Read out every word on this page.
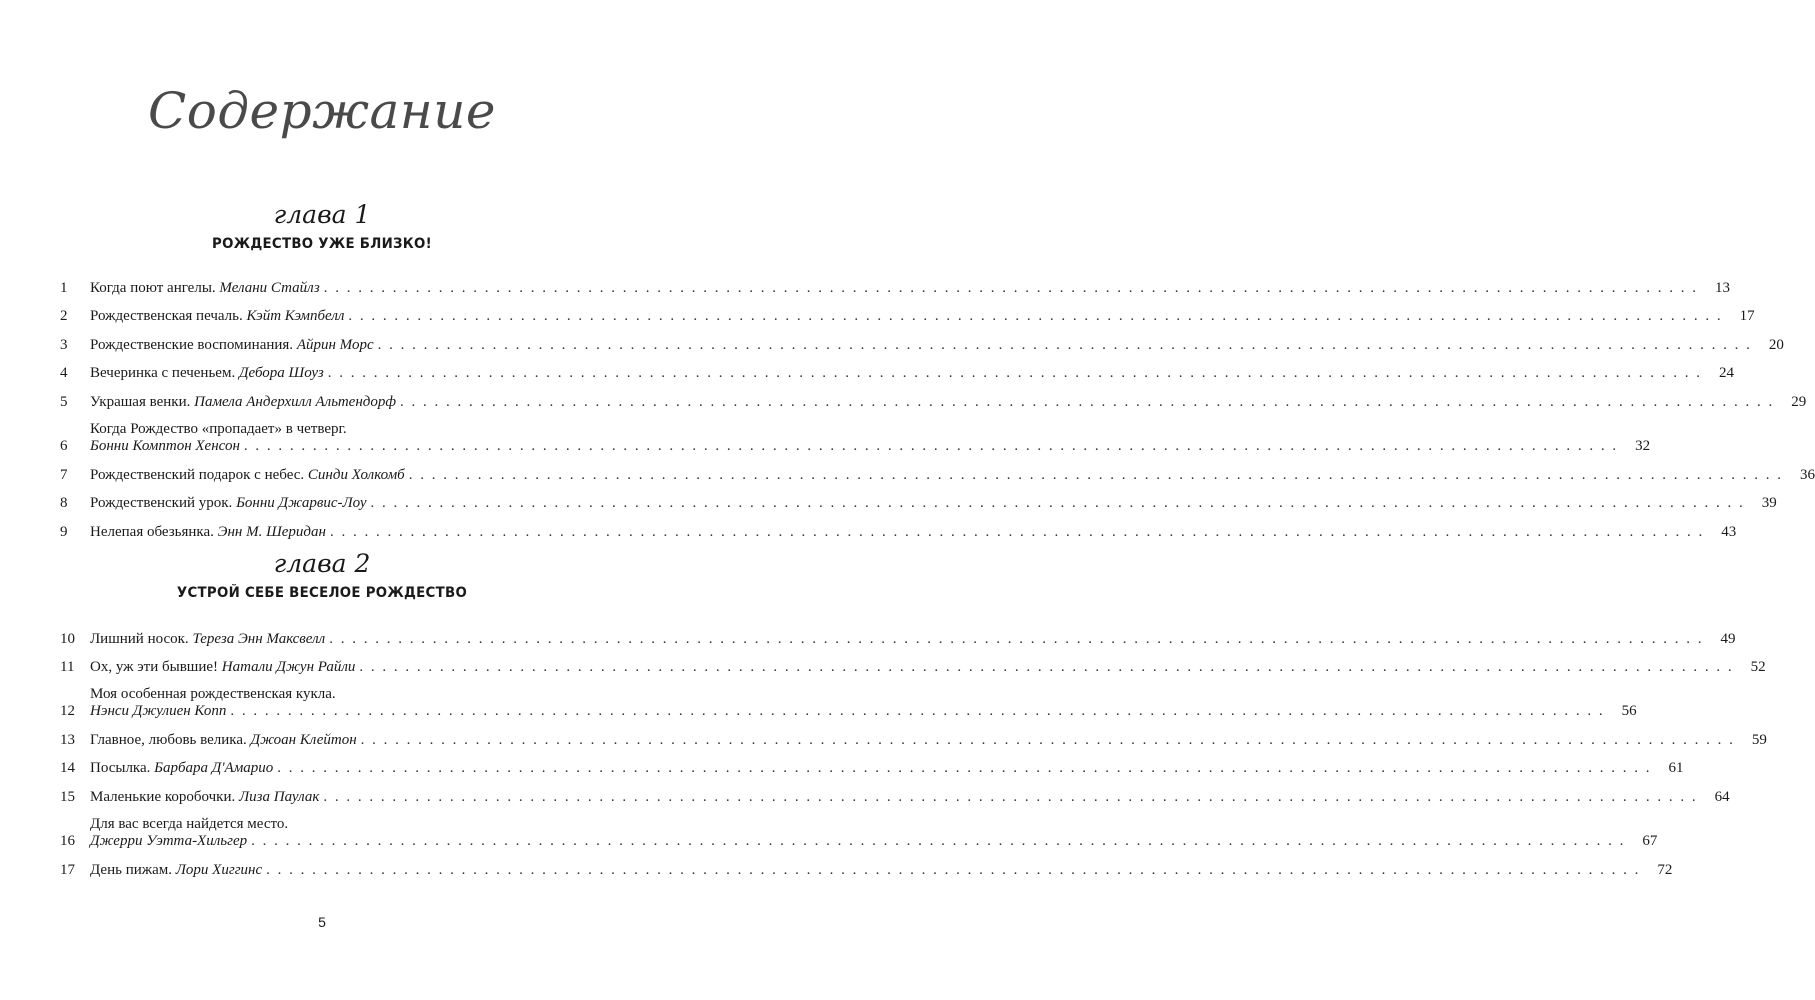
Содержание
глава 1
РОЖДЕСТВО УЖЕ БЛИЗКО!
1	Когда поют ангелы.
Мелани Стайлз . . . . . . . . . . . . . . . . . . . . . . . . . . . . . . . . . . . . . . . . . . . . . . . . . . . . . . . . . . . . . . . . . . . . . . . . . . . . . . . . . . . . . . . . . . . . . . . . . . . . . . . . . . . . . . . . . . . . . . . .	13
2	Рождественская печаль.
Кэйт Кэмпбелл . . . . . . . . . . . . . . . . . . . . . . . . . . . . . . . . . . . . . . . . . . . . . . . . . . . . . . . . . . . . . . . . . . . . . . . . . . . . . . . . . . . . . . . . . . . . . . . . . . . . . . . . . . . . . . . . . . . . . . . .	17
3	Рождественские воспоминания.
Айрин Морс . . . . . . . . . . . . . . . . . . . . . . . . . . . . . . . . . . . . . . . . . . . . . . . . . . . . . . . . . . . . . . . . . . . . . . . . . . . . . . . . . . . . . . . . . . . . . . . . . . . . . . . . . . . . . . . . . . . . . . . .	20
4	Вечеринка с печеньем.
Дебора Шоуз . . . . . . . . . . . . . . . . . . . . . . . . . . . . . . . . . . . . . . . . . . . . . . . . . . . . . . . . . . . . . . . . . . . . . . . . . . . . . . . . . . . . . . . . . . . . . . . . . . . . . . . . . . . . . . . . . . . . . . . .	24
5	Украшая венки.
Памела Андерхилл Альтендорф . . . . . . . . . . . . . . . . . . . . . . . . . . . . . . . . . . . . . . . . . . . . . . . . . . . . . . . . . . . . . . . . . . . . . . . . . . . . . . . . . . . . . . . . . . . . . . . . . . . . . . . . . . . . . . . . . . . . . . . .	29
6
Когда Рождество «пропадает» в четверг.
Бонни Комптон Хенсон . . . . . . . . . . . . . . . . . . . . . . . . . . . . . . . . . . . . . . . . . . . . . . . . . . . . . . . . . . . . . . . . . . . . . . . . . . . . . . . . . . . . . . . . . . . . . . . . . . . . . . . . . . . . . . . . . . . . . . . .	32
7	Рождественский подарок с небес.
Синди Холкомб . . . . . . . . . . . . . . . . . . . . . . . . . . . . . . . . . . . . . . . . . . . . . . . . . . . . . . . . . . . . . . . . . . . . . . . . . . . . . . . . . . . . . . . . . . . . . . . . . . . . . . . . . . . . . . . . . . . . . . . .	36
8	Рождественский урок.
Бонни Джарвис-Лоу . . . . . . . . . . . . . . . . . . . . . . . . . . . . . . . . . . . . . . . . . . . . . . . . . . . . . . . . . . . . . . . . . . . . . . . . . . . . . . . . . . . . . . . . . . . . . . . . . . . . . . . . . . . . . . . . . . . . . . . .	39
9	Нелепая обезьянка.
Энн М. Шеридан . . . . . . . . . . . . . . . . . . . . . . . . . . . . . . . . . . . . . . . . . . . . . . . . . . . . . . . . . . . . . . . . . . . . . . . . . . . . . . . . . . . . . . . . . . . . . . . . . . . . . . . . . . . . . . . . . . . . . . . .	43
глава 2
УСТРОЙ СЕБЕ ВЕСЕЛОЕ РОЖДЕСТВО
10	Лишний носок.
Тереза Энн Максвелл . . . . . . . . . . . . . . . . . . . . . . . . . . . . . . . . . . . . . . . . . . . . . . . . . . . . . . . . . . . . . . . . . . . . . . . . . . . . . . . . . . . . . . . . . . . . . . . . . . . . . . . . . . . . . . . . . . . . . . . .	49
11	Ох, уж эти бывшие!
Натали Джун Райли . . . . . . . . . . . . . . . . . . . . . . . . . . . . . . . . . . . . . . . . . . . . . . . . . . . . . . . . . . . . . . . . . . . . . . . . . . . . . . . . . . . . . . . . . . . . . . . . . . . . . . . . . . . . . . . . . . . . . . . .	52
12
Моя особенная рождественская кукла.
Нэнси Джулиен Копп . . . . . . . . . . . . . . . . . . . . . . . . . . . . . . . . . . . . . . . . . . . . . . . . . . . . . . . . . . . . . . . . . . . . . . . . . . . . . . . . . . . . . . . . . . . . . . . . . . . . . . . . . . . . . . . . . . . . . . . .	56
13	Главное, любовь велика.
Джоан Клейтон . . . . . . . . . . . . . . . . . . . . . . . . . . . . . . . . . . . . . . . . . . . . . . . . . . . . . . . . . . . . . . . . . . . . . . . . . . . . . . . . . . . . . . . . . . . . . . . . . . . . . . . . . . . . . . . . . . . . . . . .	59
14	Посылка.
Барбара Д'Амарио . . . . . . . . . . . . . . . . . . . . . . . . . . . . . . . . . . . . . . . . . . . . . . . . . . . . . . . . . . . . . . . . . . . . . . . . . . . . . . . . . . . . . . . . . . . . . . . . . . . . . . . . . . . . . . . . . . . . . . . .	61
15	Маленькие коробочки.
Лиза Паулак . . . . . . . . . . . . . . . . . . . . . . . . . . . . . . . . . . . . . . . . . . . . . . . . . . . . . . . . . . . . . . . . . . . . . . . . . . . . . . . . . . . . . . . . . . . . . . . . . . . . . . . . . . . . . . . . . . . . . . . .	64
16
Для вас всегда найдется место.
Джерри Уэтта-Хильгер . . . . . . . . . . . . . . . . . . . . . . . . . . . . . . . . . . . . . . . . . . . . . . . . . . . . . . . . . . . . . . . . . . . . . . . . . . . . . . . . . . . . . . . . . . . . . . . . . . . . . . . . . . . . . . . . . . . . . . . .	67
17	День пижам.
Лори Хиггинс . . . . . . . . . . . . . . . . . . . . . . . . . . . . . . . . . . . . . . . . . . . . . . . . . . . . . . . . . . . . . . . . . . . . . . . . . . . . . . . . . . . . . . . . . . . . . . . . . . . . . . . . . . . . . . . . . . . . . . . .	72
5
